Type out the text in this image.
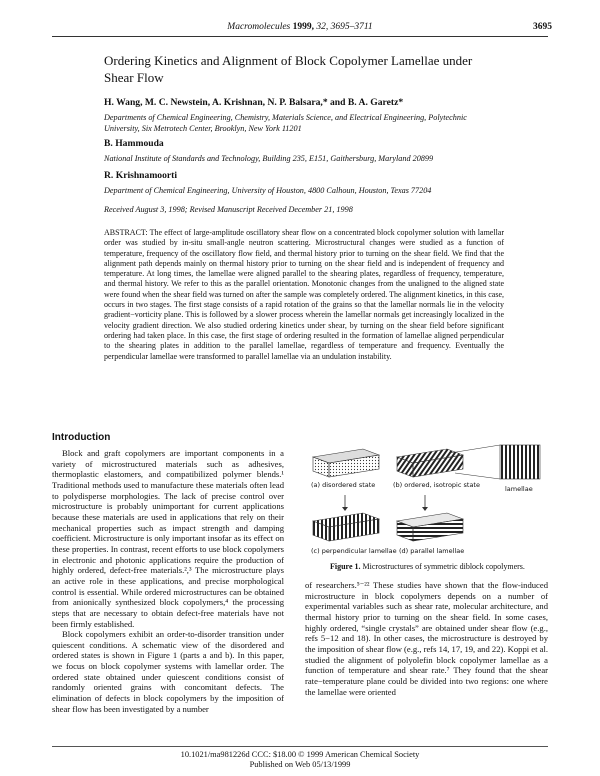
Macromolecules 1999, 32, 3695–3711	3695
Ordering Kinetics and Alignment of Block Copolymer Lamellae under Shear Flow
H. Wang, M. C. Newstein, A. Krishnan, N. P. Balsara,* and B. A. Garetz*
Departments of Chemical Engineering, Chemistry, Materials Science, and Electrical Engineering, Polytechnic University, Six Metrotech Center, Brooklyn, New York 11201
B. Hammouda
National Institute of Standards and Technology, Building 235, E151, Gaithersburg, Maryland 20899
R. Krishnamoorti
Department of Chemical Engineering, University of Houston, 4800 Calhoun, Houston, Texas 77204
Received August 3, 1998; Revised Manuscript Received December 21, 1998
ABSTRACT: The effect of large-amplitude oscillatory shear flow on a concentrated block copolymer solution with lamellar order was studied by in-situ small-angle neutron scattering. Microstructural changes were studied as a function of temperature, frequency of the oscillatory flow field, and thermal history prior to turning on the shear field. We find that the alignment path depends mainly on thermal history prior to turning on the shear field and is independent of frequency and temperature. At long times, the lamellae were aligned parallel to the shearing plates, regardless of frequency, temperature, and thermal history. We refer to this as the parallel orientation. Monotonic changes from the unaligned to the aligned state were found when the shear field was turned on after the sample was completely ordered. The alignment kinetics, in this case, occurs in two stages. The first stage consists of a rapid rotation of the grains so that the lamellar normals lie in the velocity gradient−vorticity plane. This is followed by a slower process wherein the lamellar normals get increasingly localized in the velocity gradient direction. We also studied ordering kinetics under shear, by turning on the shear field before significant ordering had taken place. In this case, the first stage of ordering resulted in the formation of lamellae aligned perpendicular to the shearing plates in addition to the parallel lamellae, regardless of temperature and frequency. Eventually the perpendicular lamellae were transformed to parallel lamellae via an undulation instability.
Introduction

Block and graft copolymers are important components in a variety of microstructured materials such as adhesives, thermoplastic elastomers, and compatibilized polymer blends.¹ Traditional methods used to manufacture these materials often lead to polydisperse morphologies. The lack of precise control over microstructure is probably unimportant for current applications because these materials are used in applications that rely on their mechanical properties such as impact strength and damping coefficient. Microstructure is only important insofar as its effect on these properties. In contrast, recent efforts to use block copolymers in electronic and photonic applications require the production of highly ordered, defect-free materials.²,³ The microstructure plays an active role in these applications, and precise morphological control is essential. While ordered microstructures can be obtained from anionically synthesized block copolymers,⁴ the processing steps that are necessary to obtain defect-free materials have not been firmly established.

Block copolymers exhibit an order-to-disorder transition under quiescent conditions. A schematic view of the disordered and ordered states is shown in Figure 1 (parts a and b). In this paper, we focus on block copolymer systems with lamellar order. The ordered state obtained under quiescent conditions consist of randomly oriented grains with concomitant defects. The elimination of defects in block copolymers by the imposition of shear flow has been investigated by a number

(a) disordered state	(b) ordered, isotropic state	lamellae
(c) perpendicular lamellae (d) parallel lamellae
Figure 1. Microstructures of symmetric diblock copolymers.
of researchers.⁵⁻²² These studies have shown that the flow-induced microstructure in block copolymers depends on a number of experimental variables such as shear rate, molecular architecture, and thermal history prior to turning on the shear field. In some cases, highly ordered, “single crystals” are obtained under shear flow (e.g., refs 5−12 and 18). In other cases, the microstructure is destroyed by the imposition of shear flow (e.g., refs 14, 17, 19, and 22). Koppi et al. studied the alignment of polyolefin block copolymer lamellae as a function of temperature and shear rate.⁷ They found that the shear rate−temperature plane could be divided into two regions: one where the lamellae were oriented
10.1021/ma981226d CCC: $18.00 © 1999 American Chemical Society
Published on Web 05/13/1999
